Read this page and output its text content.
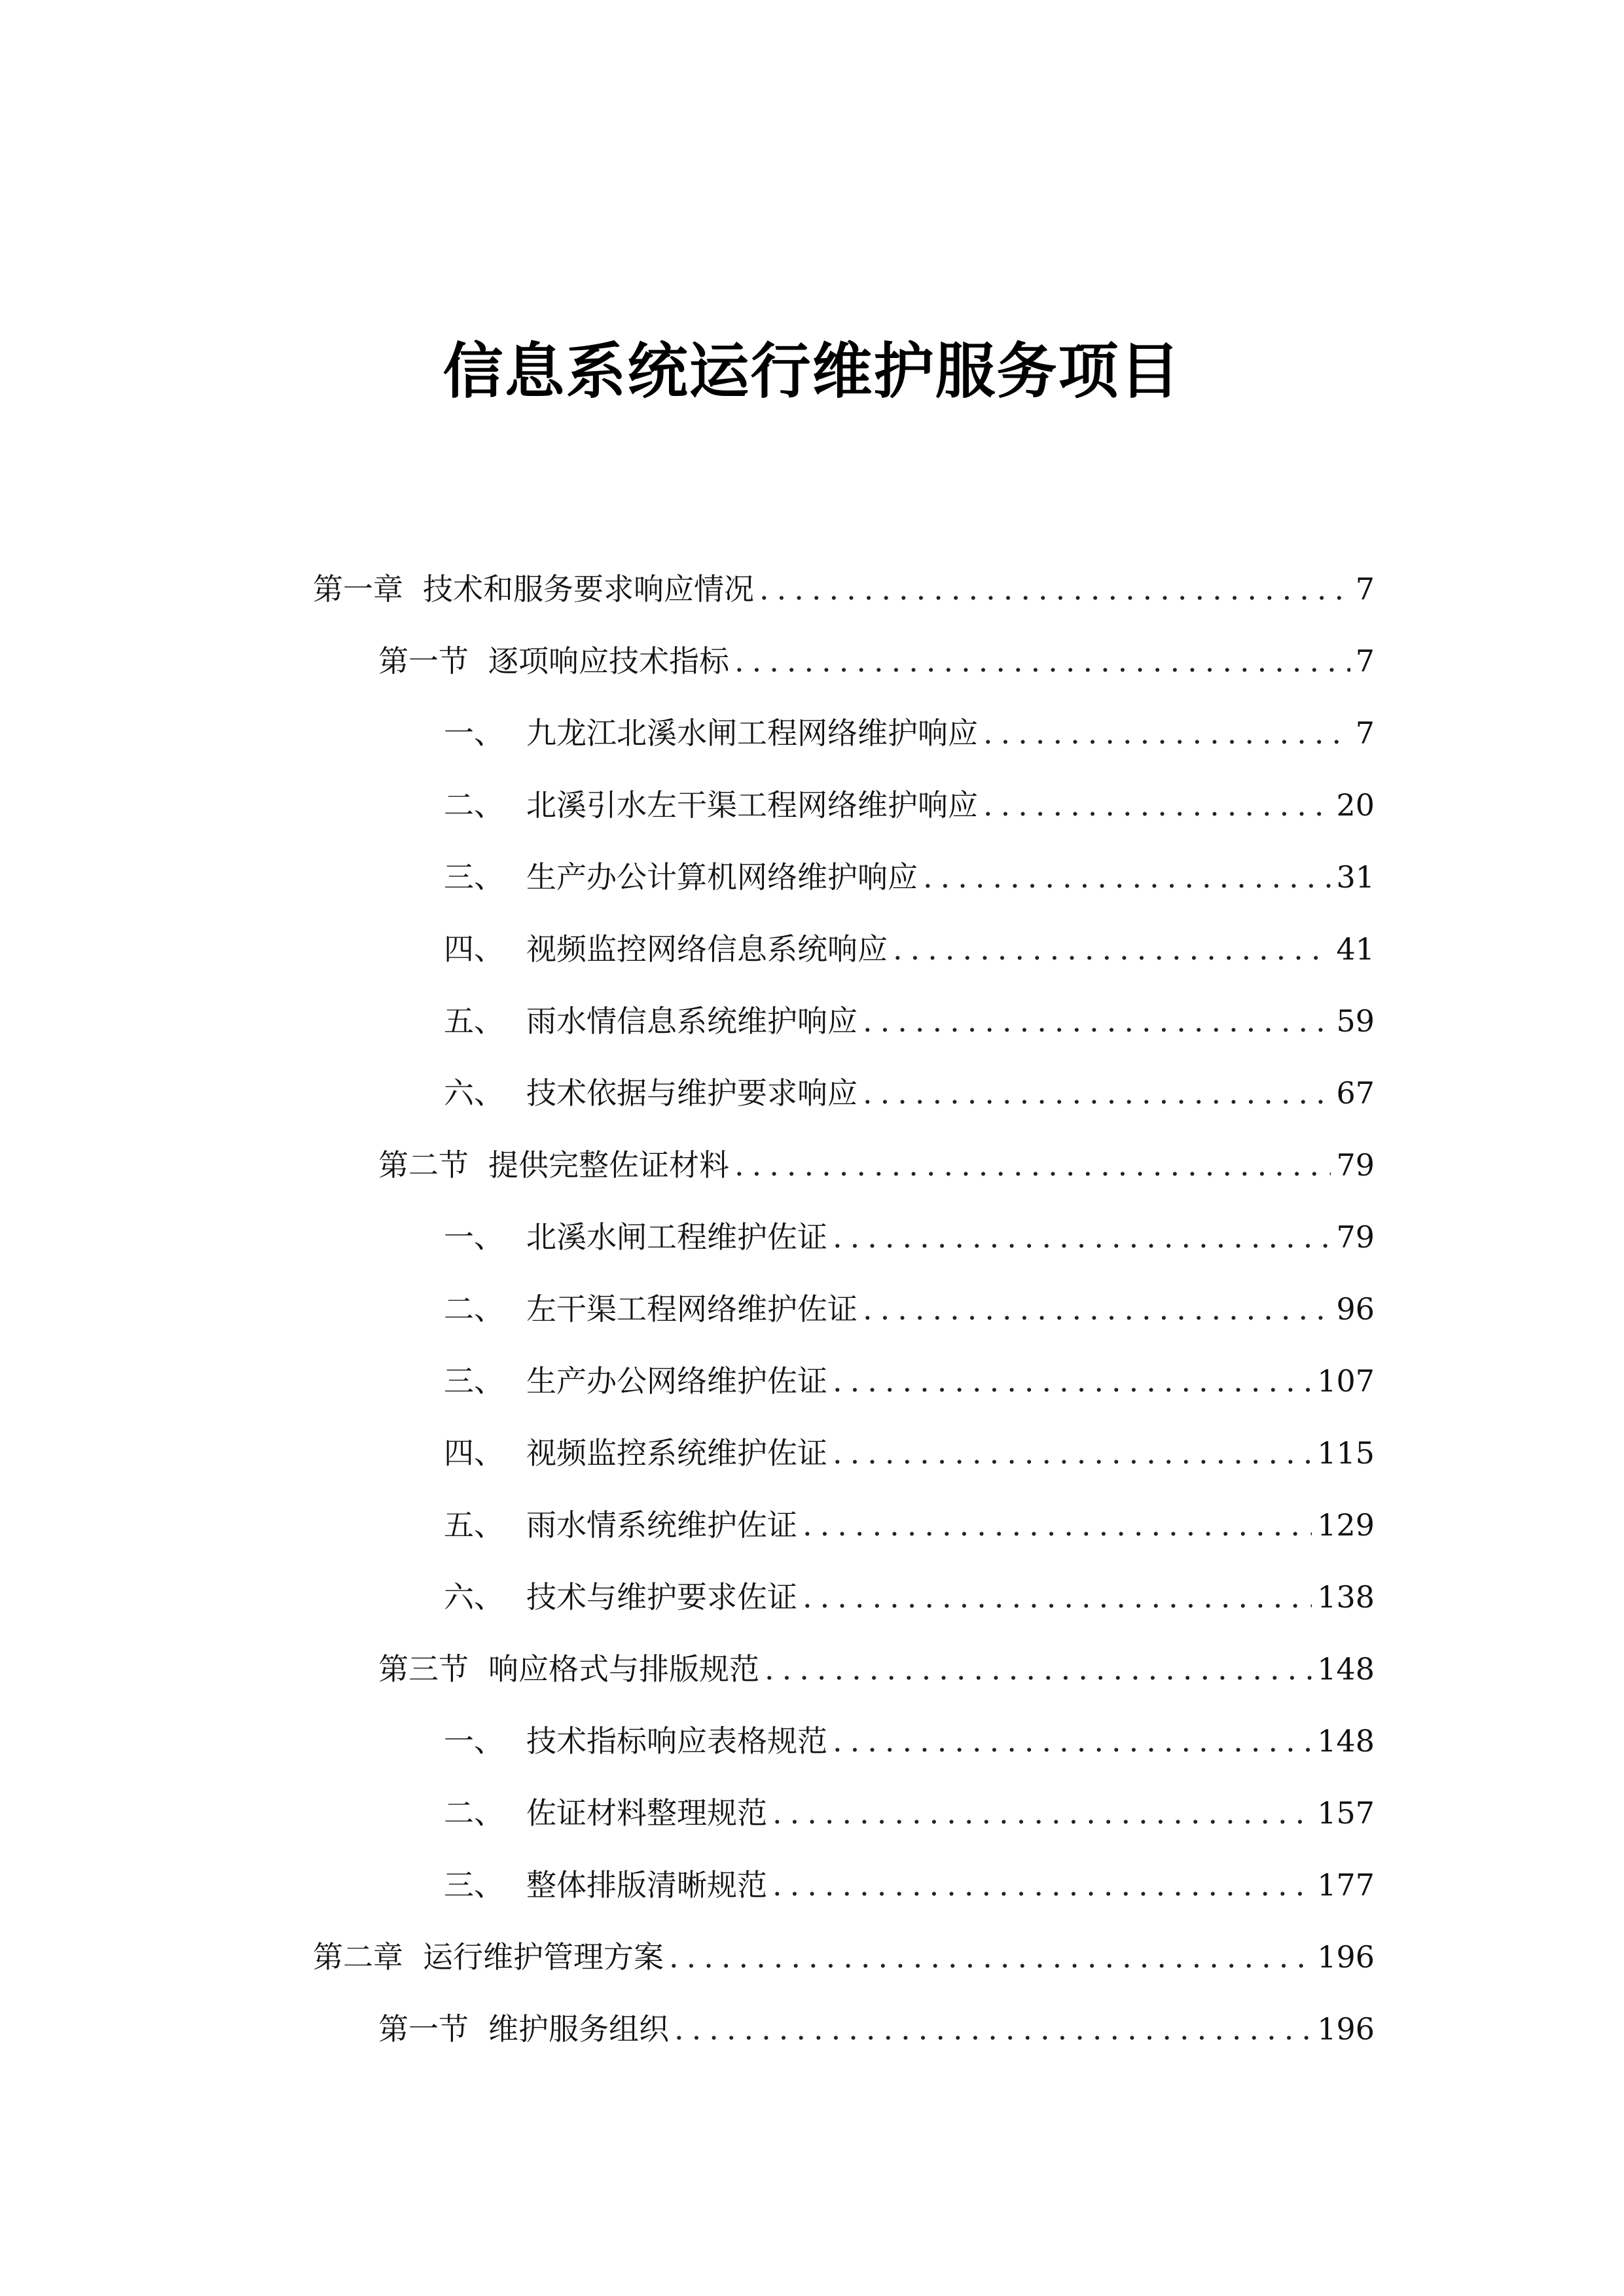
信息系统运行维护服务项目
第一章 技术和服务要求响应情况 .....	7
第一节 逐项响应技术指标 .....	7
一、 九龙江北溪水闸工程网络维护响应 .....	7
二、 北溪引水左干渠工程网络维护响应 .....	20
三、 生产办公计算机网络维护响应 .....	31
四、 视频监控网络信息系统响应 .....	41
五、 雨水情信息系统维护响应 .....	59
六、 技术依据与维护要求响应 .....	67
第二节 提供完整佐证材料 .....	79
一、 北溪水闸工程维护佐证 .....	79
二、 左干渠工程网络维护佐证 .....	96
三、 生产办公网络维护佐证 .....	107
四、 视频监控系统维护佐证 .....	115
五、 雨水情系统维护佐证 .....	129
六、 技术与维护要求佐证 .....	138
第三节 响应格式与排版规范 .....	148
一、 技术指标响应表格规范 .....	148
二、 佐证材料整理规范 .....	157
三、 整体排版清晰规范 .....	177
第二章 运行维护管理方案 .....	196
第一节 维护服务组织 .....	196
